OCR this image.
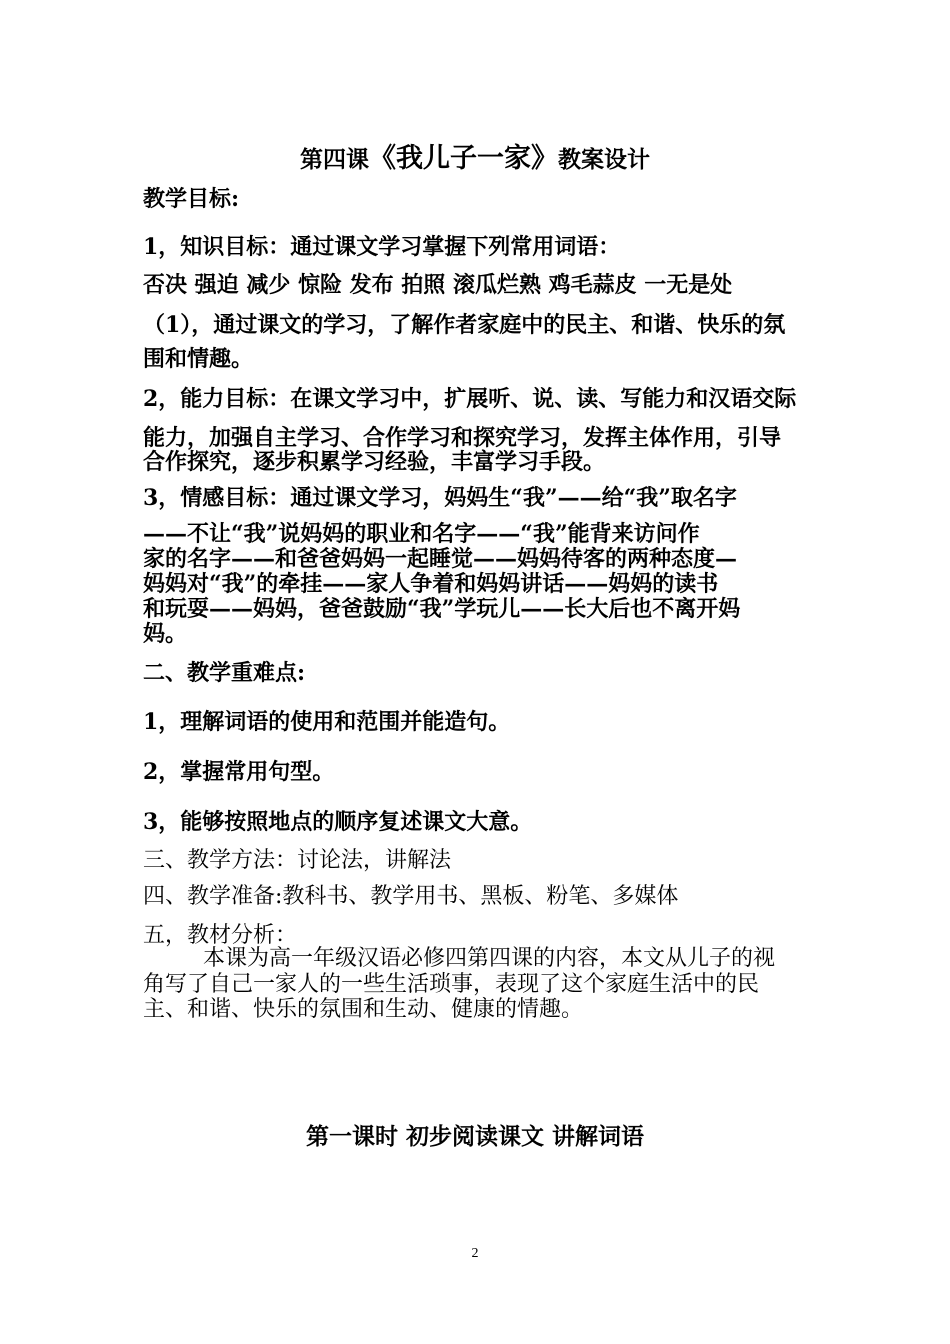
第四课《我儿子一家》教案设计
教学目标:
1，知识目标：通过课文学习掌握下列常用词语：
否决 强迫 减少 惊险 发布 拍照 滚瓜烂熟 鸡毛蒜皮 一无是处
（1），通过课文的学习，了解作者家庭中的民主、和谐、快乐的氛
围和情趣。
2，能力目标：在课文学习中，扩展听、说、读、写能力和汉语交际
能力，加强自主学习、合作学习和探究学习，发挥主体作用，引导
合作探究，逐步积累学习经验，丰富学习手段。
3，情感目标：通过课文学习，妈妈生“我”——给“我”取名字
——不让“我”说妈妈的职业和名字——“我”能背来访问作
家的名字——和爸爸妈妈一起睡觉——妈妈待客的两种态度—
妈妈对“我”的牵挂——家人争着和妈妈讲话——妈妈的读书
和玩耍——妈妈，爸爸鼓励“我”学玩儿——长大后也不离开妈
妈。
二、教学重难点:
1，理解词语的使用和范围并能造句。
2，掌握常用句型。
3，能够按照地点的顺序复述课文大意。
三、教学方法：讨论法，讲解法
四、教学准备:教科书、教学用书、黑板、粉笔、多媒体
五，教材分析：
本课为高一年级汉语必修四第四课的内容，本文从儿子的视
角写了自己一家人的一些生活琐事，表现了这个家庭生活中的民
主、和谐、快乐的氛围和生动、健康的情趣。
第一课时 初步阅读课文 讲解词语
2
